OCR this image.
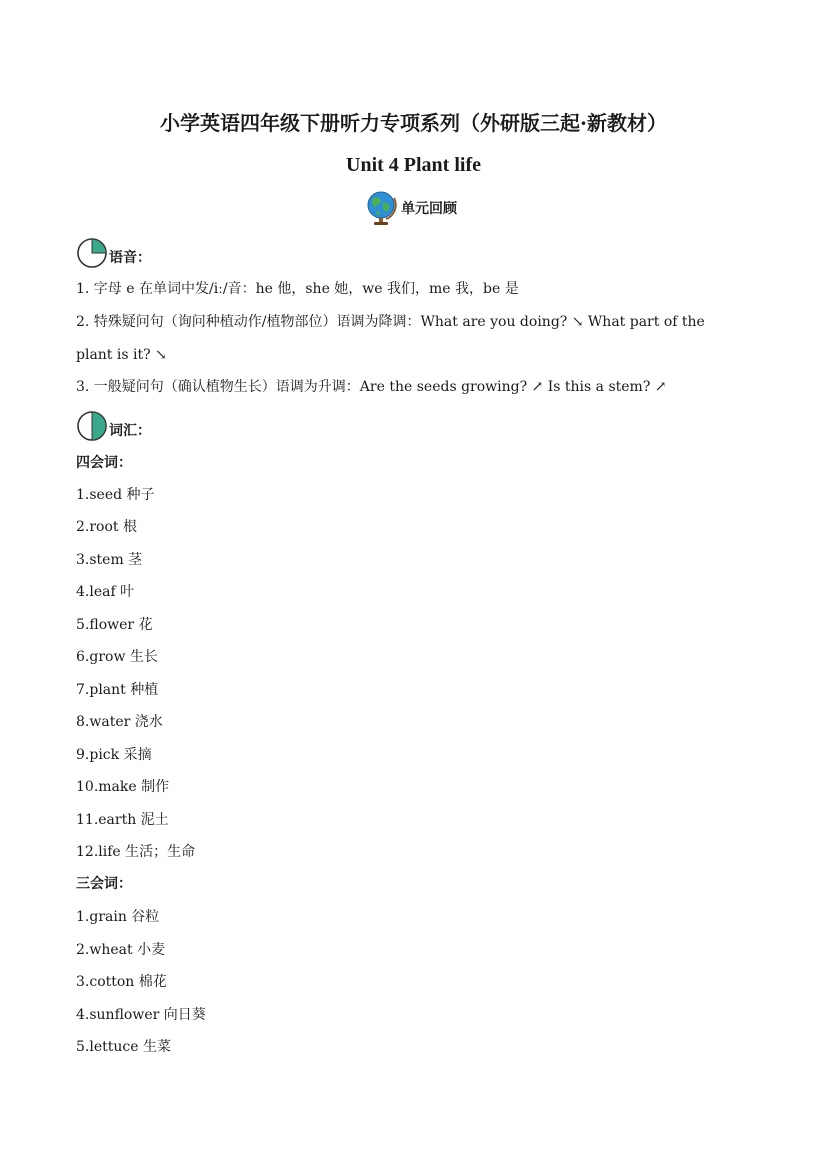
小学英语四年级下册听力专项系列（外研版三起·新教材）
Unit 4 Plant life
单元回顾
语音：
1. 字母 e 在单词中发/iː/音：he 他，she 她，we 我们，me 我，be 是
2. 特殊疑问句（询问种植动作/植物部位）语调为降调：What are you doing? ↘ What part of the
plant is it? ↘
3. 一般疑问句（确认植物生长）语调为升调：Are the seeds growing? ↗ Is this a stem? ↗
词汇：
四会词：
1.seed 种子
2.root 根
3.stem 茎
4.leaf 叶
5.flower 花
6.grow 生长
7.plant 种植
8.water 浇水
9.pick 采摘
10.make 制作
11.earth 泥土
12.life 生活；生命
三会词：
1.grain 谷粒
2.wheat 小麦
3.cotton 棉花
4.sunflower 向日葵
5.lettuce 生菜
